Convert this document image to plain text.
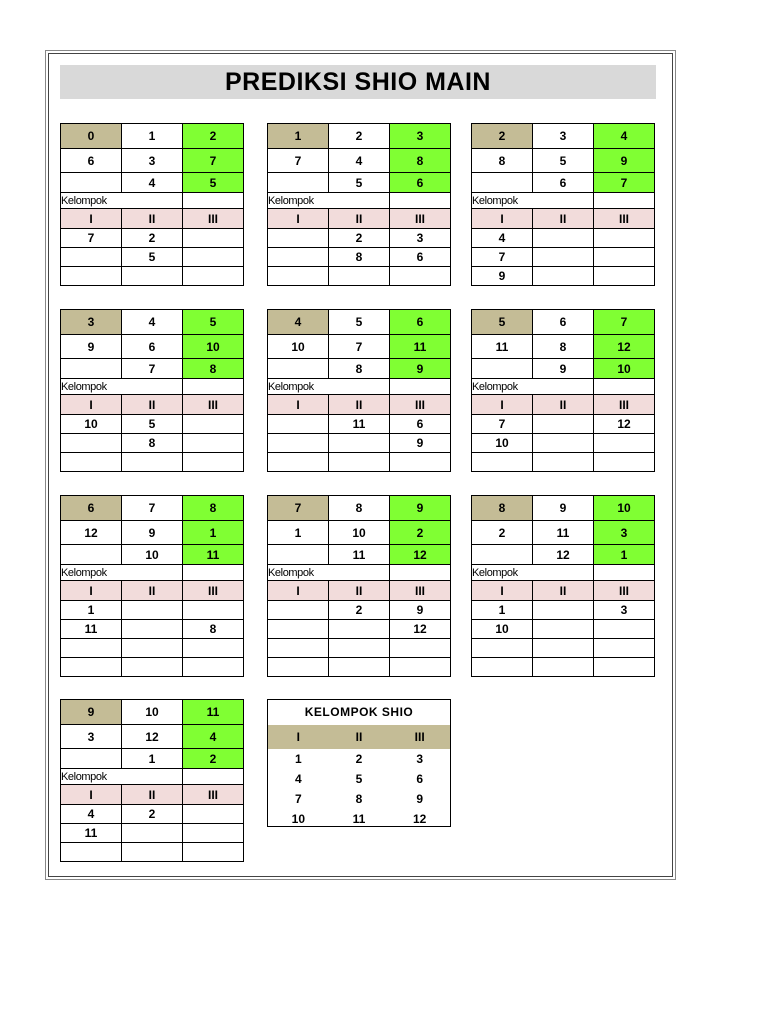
PREDIKSI SHIO MAIN
0	1	2
6	3	7
	4	5
Kelompok		
I	II	III
7	2	
	5	

1	2	3
7	4	8
	5	6
Kelompok		
I	II	III
	2	3
	8	6

2	3	4
8	5	9
	6	7
Kelompok		
I	II	III
4		
7		
9		
3	4	5
9	6	10
	7	8
Kelompok		
I	II	III
10	5	
	8	

4	5	6
10	7	11
	8	9
Kelompok		
I	II	III
	11	6
		9

5	6	7
11	8	12
	9	10
Kelompok		
I	II	III
7		12
10		

6	7	8
12	9	1
	10	11
Kelompok		
I	II	III
1		
11		8

7	8	9
1	10	2
	11	12
Kelompok		
I	II	III
	2	9
		12

8	9	10
2	11	3
	12	1
Kelompok		
I	II	III
1		3
10		

9	10	11
3	12	4
	1	2
Kelompok		
I	II	III
4	2	
11		

KELOMPOK SHIO
I	II	III
1	2	3
4	5	6
7	8	9
10	11	12
